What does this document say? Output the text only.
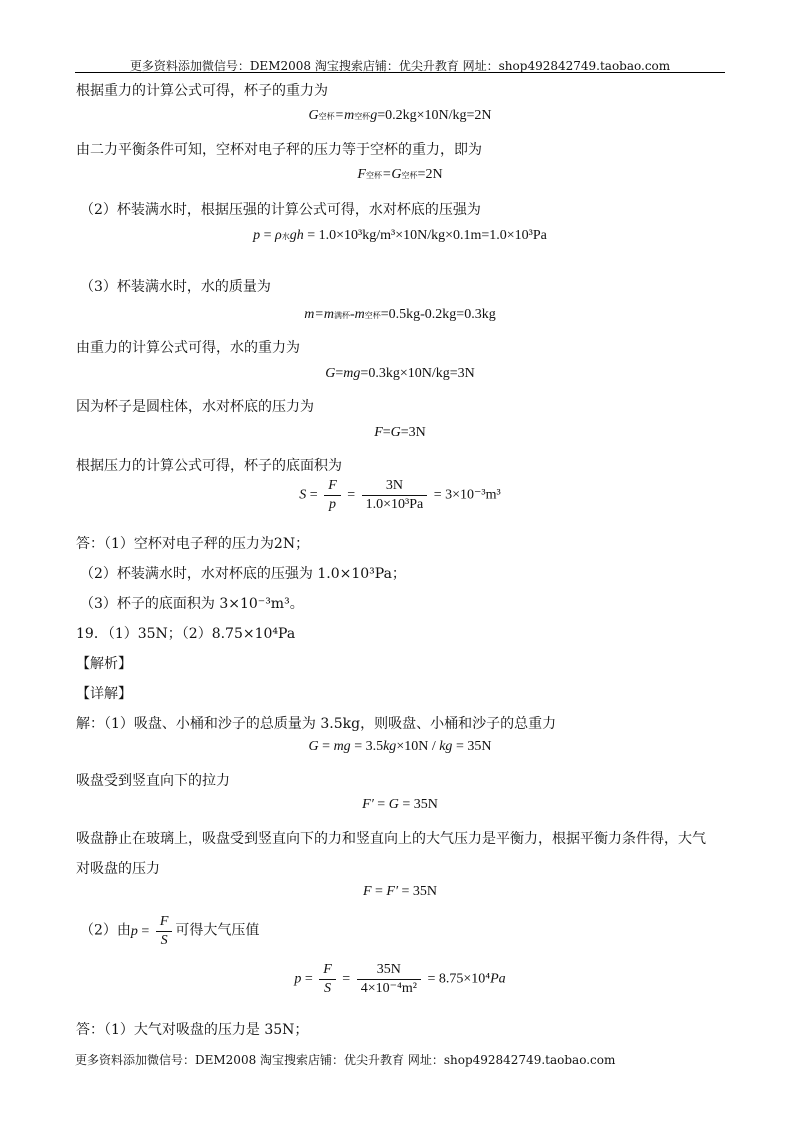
更多资料添加微信号：DEM2008 淘宝搜索店铺：优尖升教育 网址：shop492842749.taobao.com
根据重力的计算公式可得，杯子的重力为
G空杯=m空杯g=0.2kg×10N/kg=2N
由二力平衡条件可知，空杯对电子秤的压力等于空杯的重力，即为
F空杯=G空杯=2N
（2）杯装满水时，根据压强的计算公式可得，水对杯底的压强为
p = ρ水gh = 1.0×10³kg/m³×10N/kg×0.1m=1.0×10³Pa
（3）杯装满水时，水的质量为
m=m满杯-m空杯=0.5kg-0.2kg=0.3kg
由重力的计算公式可得，水的重力为
G=mg=0.3kg×10N/kg=3N
因为杯子是圆柱体，水对杯底的压力为
F=G=3N
根据压力的计算公式可得，杯子的底面积为
$S = \frac{F}{p} = \frac{3N}{\text{1.0×10³Pa}} = 3\times 10^{-3}m^3$
答：（1）空杯对电子秤的压力为2N；
（2）杯装满水时，水对杯底的压强为 1.0×10³Pa；
（3）杯子的底面积为 3×10⁻³m³。
19．（1）35N；（2）8.75×10⁴Pa
【解析】
【详解】
解：（1）吸盘、小桶和沙子的总质量为 3.5kg，则吸盘、小桶和沙子的总重力
G = mg = 3.5kg×10N / kg = 35N
吸盘受到竖直向下的拉力
F′ = G = 35N
吸盘静止在玻璃上，吸盘受到竖直向下的力和竖直向上的大气压力是平衡力，根据平衡力条件得，大气
对吸盘的压力
F = F′ = 35N
（2）由$p = \frac{F}{S}$ 可得大气压值
$p = \frac{F}{S} = \frac{35N}{\text{4×10⁻⁴m²}} = 8.75\times 10^4Pa$
答：（1）大气对吸盘的压力是 35N；
更多资料添加微信号：DEM2008 淘宝搜索店铺：优尖升教育 网址：shop492842749.taobao.com
